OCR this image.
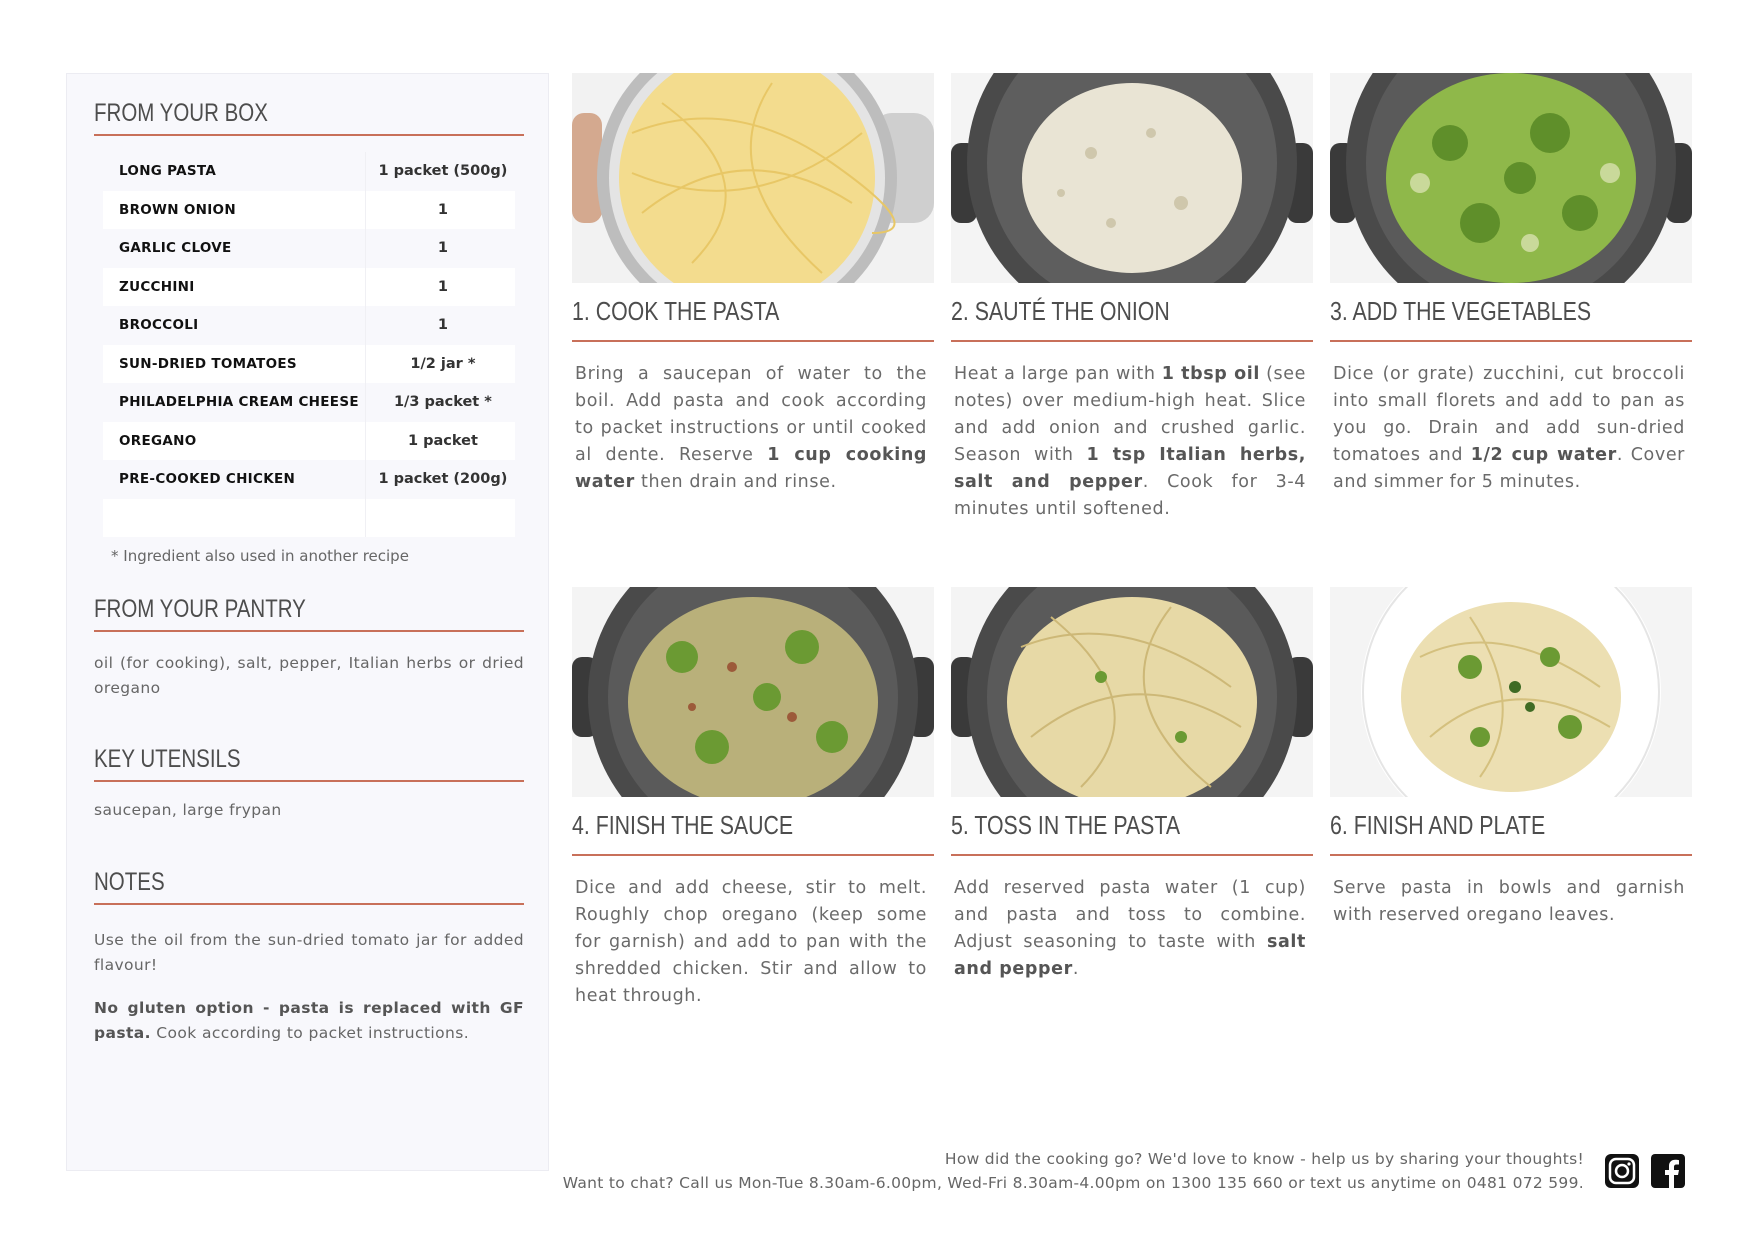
FROM YOUR BOX
LONG PASTA	1 packet (500g)
BROWN ONION	1
GARLIC CLOVE	1
ZUCCHINI	1
BROCCOLI	1
SUN-DRIED TOMATOES	1/2 jar *
PHILADELPHIA CREAM CHEESE	1/3 packet *
OREGANO	1 packet
PRE-COOKED CHICKEN	1 packet (200g)
* Ingredient also used in another recipe
FROM YOUR PANTRY
oil (for cooking), salt, pepper, Italian herbs or dried oregano
KEY UTENSILS
saucepan, large frypan
NOTES
Use the oil from the sun-dried tomato jar for added flavour!
No gluten option - pasta is replaced with GF pasta. Cook according to packet instructions.
1. COOK THE PASTA
Bring a saucepan of water to the boil. Add pasta and cook according to packet instructions or until cooked al dente. Reserve 1 cup cooking water then drain and rinse.
2. SAUTÉ THE ONION
Heat a large pan with 1 tbsp oil (see notes) over medium-high heat. Slice and add onion and crushed garlic. Season with 1 tsp Italian herbs, salt and pepper. Cook for 3-4 minutes until softened.
3. ADD THE VEGETABLES
Dice (or grate) zucchini, cut broccoli into small florets and add to pan as you go. Drain and add sun-dried tomatoes and 1/2 cup water. Cover and simmer for 5 minutes.
4. FINISH THE SAUCE
Dice and add cheese, stir to melt. Roughly chop oregano (keep some for garnish) and add to pan with the shredded chicken. Stir and allow to heat through.
5. TOSS IN THE PASTA
Add reserved pasta water (1 cup) and pasta and toss to combine. Adjust seasoning to taste with salt and pepper.
6. FINISH AND PLATE
Serve pasta in bowls and garnish with reserved oregano leaves.
How did the cooking go? We'd love to know - help us by sharing your thoughts!
Want to chat? Call us Mon-Tue 8.30am-6.00pm, Wed-Fri 8.30am-4.00pm on 1300 135 660 or text us anytime on 0481 072 599.
